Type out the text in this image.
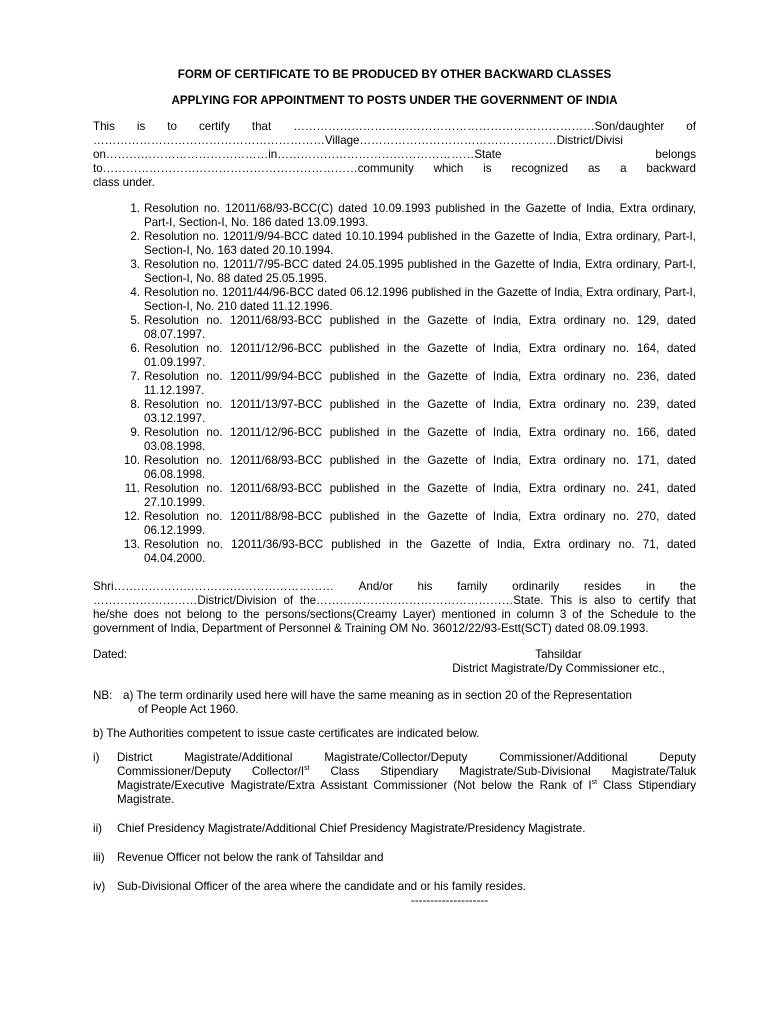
FORM OF CERTIFICATE TO BE PRODUCED BY OTHER BACKWARD CLASSES
APPLYING FOR APPOINTMENT TO POSTS UNDER THE GOVERNMENT OF INDIA
This is to certify that ……………………………………………………………………Son/daughter of
……………………………………………………Village……………………………………………District/Divisi
on……………………………………in……………………………………………State	belongs
to…………………………………………………………community which is recognized as a backward
class under.
1. Resolution no. 12011/68/93-BCC(C) dated 10.09.1993 published in the Gazette of India, Extra ordinary, Part-I, Section-I, No. 186 dated 13.09.1993.
2. Resolution no. 12011/9/94-BCC dated 10.10.1994 published in the Gazette of India, Extra ordinary, Part-I, Section-I, No. 163 dated 20.10.1994.
3. Resolution no. 12011/7/95-BCC dated 24.05.1995 published in the Gazette of India, Extra ordinary, Part-I, Section-I, No. 88 dated 25.05.1995.
4. Resolution no. 12011/44/96-BCC dated 06.12.1996 published in the Gazette of India, Extra ordinary, Part-I, Section-I, No. 210 dated 11.12.1996.
5. Resolution no. 12011/68/93-BCC published in the Gazette of India, Extra ordinary no. 129, dated 08.07.1997.
6. Resolution no. 12011/12/96-BCC published in the Gazette of India, Extra ordinary no. 164, dated 01.09.1997.
7. Resolution no. 12011/99/94-BCC published in the Gazette of India, Extra ordinary no. 236, dated 11.12.1997.
8. Resolution no. 12011/13/97-BCC published in the Gazette of India, Extra ordinary no. 239, dated 03.12.1997.
9. Resolution no. 12011/12/96-BCC published in the Gazette of India, Extra ordinary no. 166, dated 03.08.1998.
10. Resolution no. 12011/68/93-BCC published in the Gazette of India, Extra ordinary no. 171, dated 06.08.1998.
11. Resolution no. 12011/68/93-BCC published in the Gazette of India, Extra ordinary no. 241, dated 27.10.1999.
12. Resolution no. 12011/88/98-BCC published in the Gazette of India, Extra ordinary no. 270, dated 06.12.1999.
13. Resolution no. 12011/36/93-BCC published in the Gazette of India, Extra ordinary no. 71, dated 04.04.2000.
Shri………………………………………………… And/or his family ordinarily resides in the
………………………District/Division of the……………………………………………State. This is also to certify that he/she does not belong to the persons/sections(Creamy Layer) mentioned in column 3 of the Schedule to the government of India, Department of Personnel & Training OM No. 36012/22/93-Estt(SCT) dated 08.09.1993.
Dated:	Tahsildar
District Magistrate/Dy Commissioner etc.,
NB: a) The term ordinarily used here will have the same meaning as in section 20 of the Representation
of People Act 1960.
b) The Authorities competent to issue caste certificates are indicated below.
i)	District Magistrate/Additional Magistrate/Collector/Deputy Commissioner/Additional Deputy Commissioner/Deputy Collector/Ist Class Stipendiary Magistrate/Sub-Divisional Magistrate/Taluk Magistrate/Executive Magistrate/Extra Assistant Commissioner (Not below the Rank of Ist Class Stipendiary Magistrate.
ii)	Chief Presidency Magistrate/Additional Chief Presidency Magistrate/Presidency Magistrate.
iii)	Revenue Officer not below the rank of Tahsildar and
iv)	Sub-Divisional Officer of the area where the candidate and or his family resides.
--------------------
